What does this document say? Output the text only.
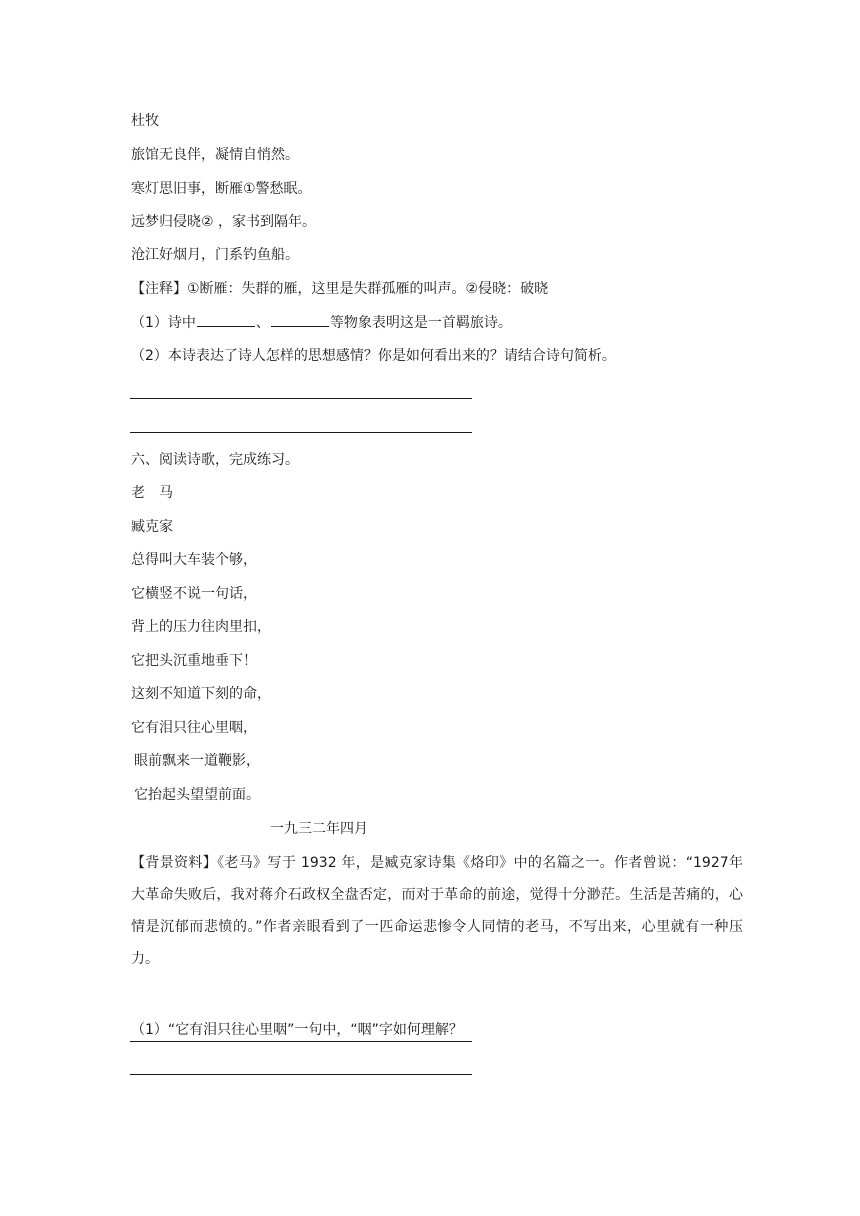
杜牧
旅馆无良伴，凝情自悄然。
寒灯思旧事，断雁①警愁眠。
远梦归侵晓② ，家书到隔年。
沧江好烟月，门系钓鱼船。
【注释】①断雁：失群的雁，这里是失群孤雁的叫声。②侵晓：破晓
（1）诗中	、	等物象表明这是一首羁旅诗。
（2）本诗表达了诗人怎样的思想感情？你是如何看出来的？请结合诗句简析。
六、阅读诗歌，完成练习。
老　马
臧克家
总得叫大车装个够，
它横竖不说一句话，
背上的压力往肉里扣，
它把头沉重地垂下！
这刻不知道下刻的命，
它有泪只往心里咽，
眼前飘来一道鞭影，
它抬起头望望前面。
一九三二年四月
【背景资料】《老马》写于 1932 年，是臧克家诗集《烙印》中的名篇之一。作者曾说：“1927年大革命失败后，我对蒋介石政权全盘否定，而对于革命的前途，觉得十分渺茫。生活是苦痛的，心情是沉郁而悲愤的。”作者亲眼看到了一匹命运悲惨令人同情的老马，不写出来，心里就有一种压力。
（1）“它有泪只往心里咽”一句中，“咽”字如何理解？
